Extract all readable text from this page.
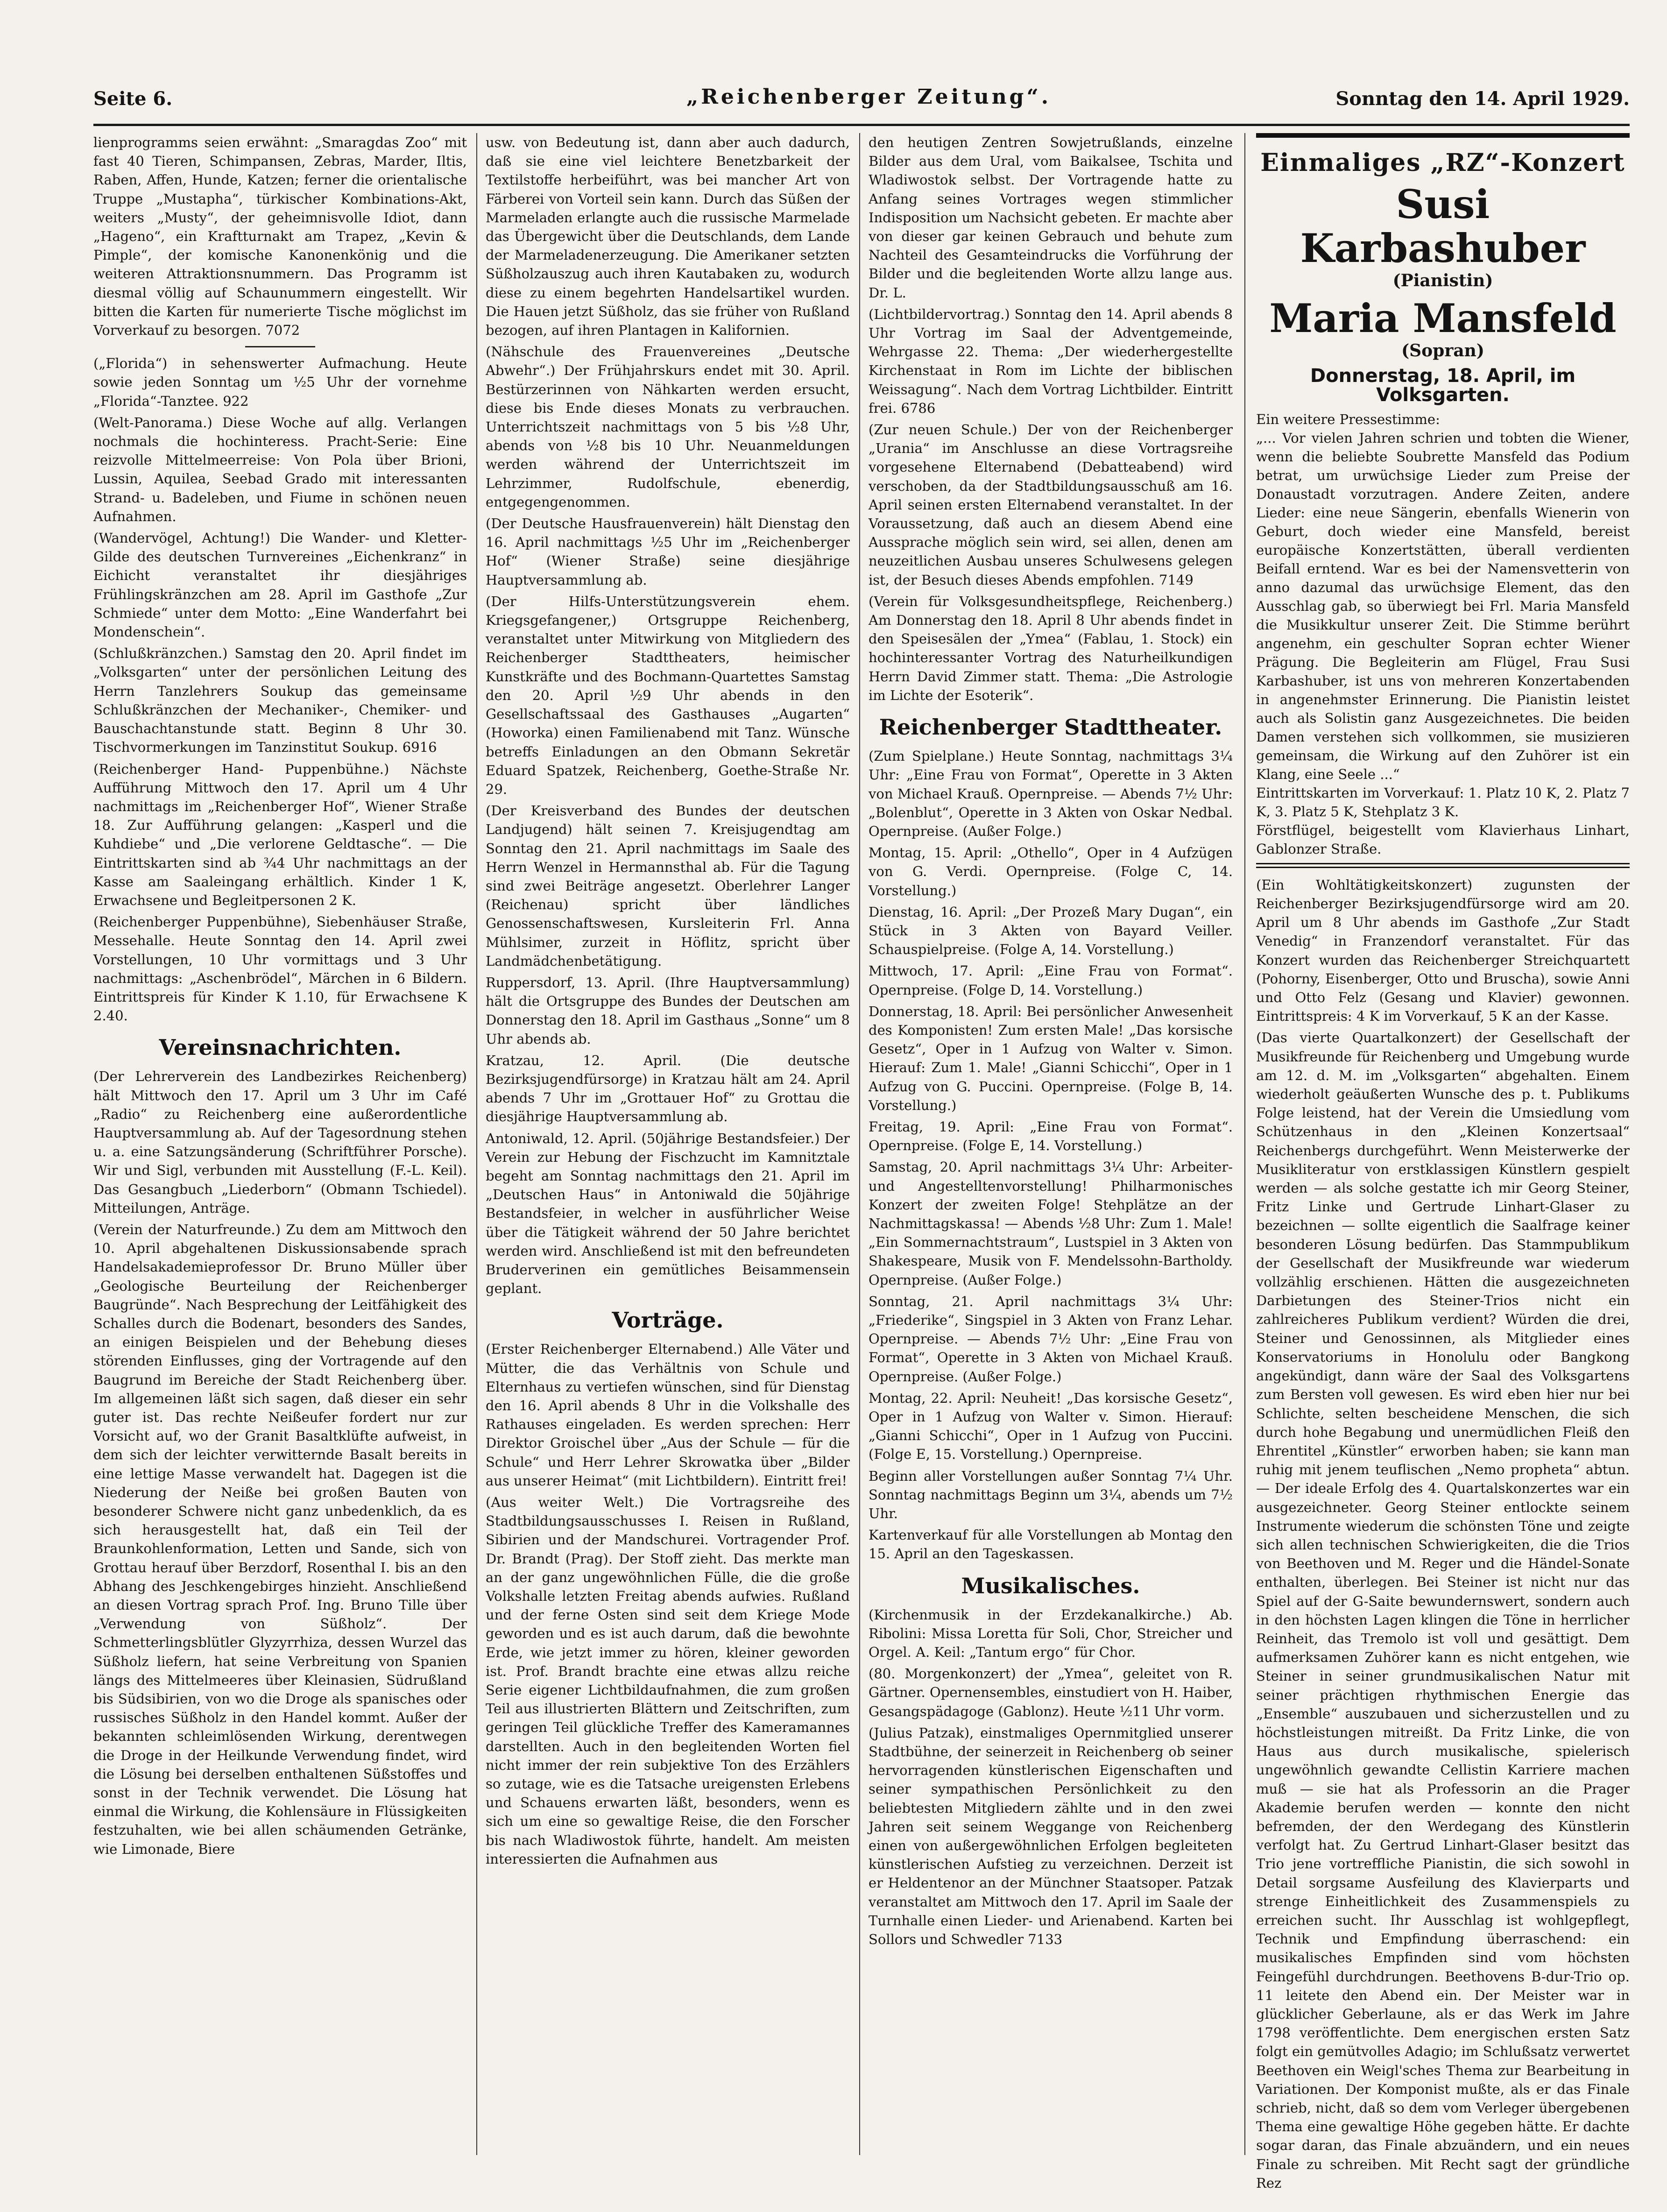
Seite 6.	„Reichenberger Zeitung“.	Sonntag den 14. April 1929.

lienprogramms seien erwähnt: „Smaragdas Zoo“ mit fast 40 Tieren, Schimpansen, Zebras, Marder, Iltis, Raben, Affen, Hunde, Katzen; ferner die orientalische Truppe „Mustapha“, türkischer Kombinations-Akt, weiters „Musty“, der geheimnisvolle Idiot, dann „Hageno“, ein Kraftturnakt am Trapez, „Kevin & Pimple“, der komische Kanonenkönig und die weiteren Attraktionsnummern. Das Programm ist diesmal völlig auf Schaunummern eingestellt. Wir bitten die Karten für numerierte Tische möglichst im Vorverkauf zu besorgen. 7072

(„Florida“) in sehenswerter Aufmachung. Heute sowie jeden Sonntag um ½5 Uhr der vornehme „Florida“-Tanztee. 922

(Welt-Panorama.) Diese Woche auf allg. Verlangen nochmals die hochinteress. Pracht-Serie: Eine reizvolle Mittelmeerreise: Von Pola über Brioni, Lussin, Aquilea, Seebad Grado mit interessanten Strand- u. Badeleben, und Fiume in schönen neuen Aufnahmen.

(Wandervögel, Achtung!) Die Wander- und Kletter-Gilde des deutschen Turnvereines „Eichenkranz“ in Eichicht veranstaltet ihr diesjähriges Frühlingskränzchen am 28. April im Gasthofe „Zur Schmiede“ unter dem Motto: „Eine Wanderfahrt bei Mondenschein“.

(Schlußkränzchen.) Samstag den 20. April findet im „Volksgarten“ unter der persönlichen Leitung des Herrn Tanzlehrers Soukup das gemeinsame Schlußkränzchen der Mechaniker-, Chemiker- und Bauschachtanstunde statt. Beginn 8 Uhr 30. Tischvormerkungen im Tanzinstitut Soukup. 6916

(Reichenberger Hand- Puppenbühne.) Nächste Aufführung Mittwoch den 17. April um 4 Uhr nachmittags im „Reichenberger Hof“, Wiener Straße 18. Zur Aufführung gelangen: „Kasperl und die Kuhdiebe“ und „Die verlorene Geldtasche“. — Die Eintrittskarten sind ab ¾4 Uhr nachmittags an der Kasse am Saaleingang erhältlich. Kinder 1 K, Erwachsene und Begleitpersonen 2 K.

(Reichenberger Puppenbühne), Siebenhäuser Straße, Messehalle. Heute Sonntag den 14. April zwei Vorstellungen, 10 Uhr vormittags und 3 Uhr nachmittags: „Aschenbrödel“, Märchen in 6 Bildern. Eintrittspreis für Kinder K 1.10, für Erwachsene K 2.40.

Vereinsnachrichten.

(Der Lehrerverein des Landbezirkes Reichenberg) hält Mittwoch den 17. April um 3 Uhr im Café „Radio“ zu Reichenberg eine außerordentliche Hauptversammlung ab. Auf der Tagesordnung stehen u. a. eine Satzungsänderung (Schriftführer Porsche). Wir und Sigl, verbunden mit Ausstellung (F.-L. Keil). Das Gesangbuch „Liederborn“ (Obmann Tschiedel). Mitteilungen, Anträge.

(Verein der Naturfreunde.) Zu dem am Mittwoch den 10. April abgehaltenen Diskussionsabende sprach Handelsakademieprofessor Dr. Bruno Müller über „Geologische Beurteilung der Reichenberger Baugründe“. Nach Besprechung der Leitfähigkeit des Schalles durch die Bodenart, besonders des Sandes, an einigen Beispielen und der Behebung dieses störenden Einflusses, ging der Vortragende auf den Baugrund im Bereiche der Stadt Reichenberg über. Im allgemeinen läßt sich sagen, daß dieser ein sehr guter ist. Das rechte Neißeufer fordert nur zur Vorsicht auf, wo der Granit Basaltklüfte aufweist, in dem sich der leichter verwitternde Basalt bereits in eine lettige Masse verwandelt hat. Dagegen ist die Niederung der Neiße bei großen Bauten von besonderer Schwere nicht ganz unbedenklich, da es sich herausgestellt hat, daß ein Teil der Braunkohlenformation, Letten und Sande, sich von Grottau herauf über Berzdorf, Rosenthal I. bis an den Abhang des Jeschkengebirges hinzieht. Anschließend an diesen Vortrag sprach Prof. Ing. Bruno Tille über „Verwendung von Süßholz“. Der Schmetterlingsblütler Glyzyrrhiza, dessen Wurzel das Süßholz liefern, hat seine Verbreitung von Spanien längs des Mittelmeeres über Kleinasien, Südrußland bis Südsibirien, von wo die Droge als spanisches oder russisches Süßholz in den Handel kommt. Außer der bekannten schleimlösenden Wirkung, derentwegen die Droge in der Heilkunde Verwendung findet, wird die Lösung bei derselben enthaltenen Süßstoffes und sonst in der Technik verwendet. Die Lösung hat einmal die Wirkung, die Kohlensäure in Flüssigkeiten festzuhalten, wie bei allen schäumenden Getränke, wie Limonade, Biere

usw. von Bedeutung ist, dann aber auch dadurch, daß sie eine viel leichtere Benetzbarkeit der Textilstoffe herbeiführt, was bei mancher Art von Färberei von Vorteil sein kann. Durch das Süßen der Marmeladen erlangte auch die russische Marmelade das Übergewicht über die Deutschlands, dem Lande der Marmeladenerzeugung. Die Amerikaner setzten Süßholzauszug auch ihren Kautabaken zu, wodurch diese zu einem begehrten Handelsartikel wurden. Die Hauen jetzt Süßholz, das sie früher von Rußland bezogen, auf ihren Plantagen in Kalifornien.

(Nähschule des Frauenvereines „Deutsche Abwehr“.) Der Frühjahrskurs endet mit 30. April. Bestürzerinnen von Nähkarten werden ersucht, diese bis Ende dieses Monats zu verbrauchen. Unterrichtszeit nachmittags von 5 bis ½8 Uhr, abends von ½8 bis 10 Uhr. Neuanmeldungen werden während der Unterrichtszeit im Lehrzimmer, Rudolfschule, ebenerdig, entgegengenommen.

(Der Deutsche Hausfrauenverein) hält Dienstag den 16. April nachmittags ½5 Uhr im „Reichenberger Hof“ (Wiener Straße) seine diesjährige Hauptversammlung ab.

(Der Hilfs-Unterstützungsverein ehem. Kriegsgefangener,) Ortsgruppe Reichenberg, veranstaltet unter Mitwirkung von Mitgliedern des Reichenberger Stadttheaters, heimischer Kunstkräfte und des Bochmann-Quartettes Samstag den 20. April ½9 Uhr abends in den Gesellschaftssaal des Gasthauses „Augarten“ (Howorka) einen Familienabend mit Tanz. Wünsche betreffs Einladungen an den Obmann Sekretär Eduard Spatzek, Reichenberg, Goethe-Straße Nr. 29.

(Der Kreisverband des Bundes der deutschen Landjugend) hält seinen 7. Kreisjugendtag am Sonntag den 21. April nachmittags im Saale des Herrn Wenzel in Hermannsthal ab. Für die Tagung sind zwei Beiträge angesetzt. Oberlehrer Langer (Reichenau) spricht über ländliches Genossenschaftswesen, Kursleiterin Frl. Anna Mühlsimer, zurzeit in Höflitz, spricht über Landmädchenbetätigung.

Ruppersdorf, 13. April. (Ihre Hauptversammlung) hält die Ortsgruppe des Bundes der Deutschen am Donnerstag den 18. April im Gasthaus „Sonne“ um 8 Uhr abends ab.

Kratzau, 12. April. (Die deutsche Bezirksjugendfürsorge) in Kratzau hält am 24. April abends 7 Uhr im „Grottauer Hof“ zu Grottau die diesjährige Hauptversammlung ab.

Antoniwald, 12. April. (50jährige Bestandsfeier.) Der Verein zur Hebung der Fischzucht im Kamnitztale begeht am Sonntag nachmittags den 21. April im „Deutschen Haus“ in Antoniwald die 50jährige Bestandsfeier, in welcher in ausführlicher Weise über die Tätigkeit während der 50 Jahre berichtet werden wird. Anschließend ist mit den befreundeten Bruderverinen ein gemütliches Beisammensein geplant.

Vorträge.

(Erster Reichenberger Elternabend.) Alle Väter und Mütter, die das Verhältnis von Schule und Elternhaus zu vertiefen wünschen, sind für Dienstag den 16. April abends 8 Uhr in die Volkshalle des Rathauses eingeladen. Es werden sprechen: Herr Direktor Groischel über „Aus der Schule — für die Schule“ und Herr Lehrer Skrowatka über „Bilder aus unserer Heimat“ (mit Lichtbildern). Eintritt frei!

(Aus weiter Welt.) Die Vortragsreihe des Stadtbildungsausschusses I. Reisen in Rußland, Sibirien und der Mandschurei. Vortragender Prof. Dr. Brandt (Prag). Der Stoff zieht. Das merkte man an der ganz ungewöhnlichen Fülle, die die große Volkshalle letzten Freitag abends aufwies. Rußland und der ferne Osten sind seit dem Kriege Mode geworden und es ist auch darum, daß die bewohnte Erde, wie jetzt immer zu hören, kleiner geworden ist. Prof. Brandt brachte eine etwas allzu reiche Serie eigener Lichtbildaufnahmen, die zum großen Teil aus illustrierten Blättern und Zeitschriften, zum geringen Teil glückliche Treffer des Kameramannes darstellten. Auch in den begleitenden Worten fiel nicht immer der rein subjektive Ton des Erzählers so zutage, wie es die Tatsache ureigensten Erlebens und Schauens erwarten läßt, besonders, wenn es sich um eine so gewaltige Reise, die den Forscher bis nach Wladiwostok führte, handelt. Am meisten interessierten die Aufnahmen aus

den heutigen Zentren Sowjetrußlands, einzelne Bilder aus dem Ural, vom Baikalsee, Tschita und Wladiwostok selbst. Der Vortragende hatte zu Anfang seines Vortrages wegen stimmlicher Indisposition um Nachsicht gebeten. Er machte aber von dieser gar keinen Gebrauch und behute zum Nachteil des Gesamteindrucks die Vorführung der Bilder und die begleitenden Worte allzu lange aus. Dr. L.

(Lichtbildervortrag.) Sonntag den 14. April abends 8 Uhr Vortrag im Saal der Adventgemeinde, Wehrgasse 22. Thema: „Der wiederhergestellte Kirchenstaat in Rom im Lichte der biblischen Weissagung“. Nach dem Vortrag Lichtbilder. Eintritt frei. 6786

(Zur neuen Schule.) Der von der Reichenberger „Urania“ im Anschlusse an diese Vortragsreihe vorgesehene Elternabend (Debatteabend) wird verschoben, da der Stadtbildungsausschuß am 16. April seinen ersten Elternabend veranstaltet. In der Voraussetzung, daß auch an diesem Abend eine Aussprache möglich sein wird, sei allen, denen am neuzeitlichen Ausbau unseres Schulwesens gelegen ist, der Besuch dieses Abends empfohlen. 7149

(Verein für Volksgesundheitspflege, Reichenberg.) Am Donnerstag den 18. April 8 Uhr abends findet in den Speisesälen der „Ymea“ (Fablau, 1. Stock) ein hochinteressanter Vortrag des Naturheilkundigen Herrn David Zimmer statt. Thema: „Die Astrologie im Lichte der Esoterik“.

Reichenberger Stadttheater.

(Zum Spielplane.) Heute Sonntag, nachmittags 3¼ Uhr: „Eine Frau von Format“, Operette in 3 Akten von Michael Krauß. Opernpreise. — Abends 7½ Uhr: „Bolenblut“, Operette in 3 Akten von Oskar Nedbal. Opernpreise. (Außer Folge.)

Montag, 15. April: „Othello“, Oper in 4 Aufzügen von G. Verdi. Opernpreise. (Folge C, 14. Vorstellung.)

Dienstag, 16. April: „Der Prozeß Mary Dugan“, ein Stück in 3 Akten von Bayard Veiller. Schauspielpreise. (Folge A, 14. Vorstellung.)

Mittwoch, 17. April: „Eine Frau von Format“. Opernpreise. (Folge D, 14. Vorstellung.)

Donnerstag, 18. April: Bei persönlicher Anwesenheit des Komponisten! Zum ersten Male! „Das korsische Gesetz“, Oper in 1 Aufzug von Walter v. Simon. Hierauf: Zum 1. Male! „Gianni Schicchi“, Oper in 1 Aufzug von G. Puccini. Opernpreise. (Folge B, 14. Vorstellung.)

Freitag, 19. April: „Eine Frau von Format“. Opernpreise. (Folge E, 14. Vorstellung.)

Samstag, 20. April nachmittags 3¼ Uhr: Arbeiter- und Angestelltenvorstellung! Philharmonisches Konzert der zweiten Folge! Stehplätze an der Nachmittagskassa! — Abends ½8 Uhr: Zum 1. Male! „Ein Sommernachtstraum“, Lustspiel in 3 Akten von Shakespeare, Musik von F. Mendelssohn-Bartholdy. Opernpreise. (Außer Folge.)

Sonntag, 21. April nachmittags 3¼ Uhr: „Friederike“, Singspiel in 3 Akten von Franz Lehar. Opernpreise. — Abends 7½ Uhr: „Eine Frau von Format“, Operette in 3 Akten von Michael Krauß. Opernpreise. (Außer Folge.)

Montag, 22. April: Neuheit! „Das korsische Gesetz“, Oper in 1 Aufzug von Walter v. Simon. Hierauf: „Gianni Schicchi“, Oper in 1 Aufzug von Puccini. (Folge E, 15. Vorstellung.) Opernpreise.

Beginn aller Vorstellungen außer Sonntag 7¼ Uhr. Sonntag nachmittags Beginn um 3¼, abends um 7½ Uhr.

Kartenverkauf für alle Vorstellungen ab Montag den 15. April an den Tageskassen.

Musikalisches.

(Kirchenmusik in der Erzdekanalkirche.) Ab. Ribolini: Missa Loretta für Soli, Chor, Streicher und Orgel. A. Keil: „Tantum ergo“ für Chor.

(80. Morgenkonzert) der „Ymea“, geleitet von R. Gärtner. Opernensembles, einstudiert von H. Haiber, Gesangspädagoge (Gablonz). Heute ½11 Uhr vorm.

(Julius Patzak), einstmaliges Opernmitglied unserer Stadtbühne, der seinerzeit in Reichenberg ob seiner hervorragenden künstlerischen Eigenschaften und seiner sympathischen Persönlichkeit zu den beliebtesten Mitgliedern zählte und in den zwei Jahren seit seinem Weggange von Reichenberg einen von außergewöhnlichen Erfolgen begleiteten künstlerischen Aufstieg zu verzeichnen. Derzeit ist er Heldentenor an der Münchner Staatsoper. Patzak veranstaltet am Mittwoch den 17. April im Saale der Turnhalle einen Lieder- und Arienabend. Karten bei Sollors und Schwedler 7133

Einmaliges „RZ“-Konzert
Susi Karbashuber
(Pianistin)
Maria Mansfeld
(Sopran)
Donnerstag, 18. April, im Volksgarten.
Ein weitere Pressestimme:
„... Vor vielen Jahren schrien und tobten die Wiener, wenn die beliebte Soubrette Mansfeld das Podium betrat, um urwüchsige Lieder zum Preise der Donaustadt vorzutragen. Andere Zeiten, andere Lieder: eine neue Sängerin, ebenfalls Wienerin von Geburt, doch wieder eine Mansfeld, bereist europäische Konzertstätten, überall verdienten Beifall erntend. War es bei der Namensvetterin von anno dazumal das urwüchsige Element, das den Ausschlag gab, so überwiegt bei Frl. Maria Mansfeld die Musikkultur unserer Zeit. Die Stimme berührt angenehm, ein geschulter Sopran echter Wiener Prägung. Die Begleiterin am Flügel, Frau Susi Karbashuber, ist uns von mehreren Konzertabenden in angenehmster Erinnerung. Die Pianistin leistet auch als Solistin ganz Ausgezeichnetes. Die beiden Damen verstehen sich vollkommen, sie musizieren gemeinsam, die Wirkung auf den Zuhörer ist ein Klang, eine Seele ...“
Eintrittskarten im Vorverkauf: 1. Platz 10 K, 2. Platz 7 K, 3. Platz 5 K, Stehplatz 3 K.
Förstflügel, beigestellt vom Klavierhaus Linhart, Gablonzer Straße.

(Ein Wohltätigkeitskonzert) zugunsten der Reichenberger Bezirksjugendfürsorge wird am 20. April um 8 Uhr abends im Gasthofe „Zur Stadt Venedig“ in Franzendorf veranstaltet. Für das Konzert wurden das Reichenberger Streichquartett (Pohorny, Eisenberger, Otto und Bruscha), sowie Anni und Otto Felz (Gesang und Klavier) gewonnen. Eintrittspreis: 4 K im Vorverkauf, 5 K an der Kasse.

(Das vierte Quartalkonzert) der Gesellschaft der Musikfreunde für Reichenberg und Umgebung wurde am 12. d. M. im „Volksgarten“ abgehalten. Einem wiederholt geäußerten Wunsche des p. t. Publikums Folge leistend, hat der Verein die Umsiedlung vom Schützenhaus in den „Kleinen Konzertsaal“ Reichenbergs durchgeführt. Wenn Meisterwerke der Musikliteratur von erstklassigen Künstlern gespielt werden — als solche gestatte ich mir Georg Steiner, Fritz Linke und Gertrude Linhart-Glaser zu bezeichnen — sollte eigentlich die Saalfrage keiner besonderen Lösung bedürfen. Das Stammpublikum der Gesellschaft der Musikfreunde war wiederum vollzählig erschienen. Hätten die ausgezeichneten Darbietungen des Steiner-Trios nicht ein zahlreicheres Publikum verdient? Würden die drei, Steiner und Genossinnen, als Mitglieder eines Konservatoriums in Honolulu oder Bangkong angekündigt, dann wäre der Saal des Volksgartens zum Bersten voll gewesen. Es wird eben hier nur bei Schlichte, selten bescheidene Menschen, die sich durch hohe Begabung und unermüdlichen Fleiß den Ehrentitel „Künstler“ erworben haben; sie kann man ruhig mit jenem teuflischen „Nemo propheta“ abtun. — Der ideale Erfolg des 4. Quartalskonzertes war ein ausgezeichneter. Georg Steiner entlockte seinem Instrumente wiederum die schönsten Töne und zeigte sich allen technischen Schwierigkeiten, die die Trios von Beethoven und M. Reger und die Händel-Sonate enthalten, überlegen. Bei Steiner ist nicht nur das Spiel auf der G-Saite bewundernswert, sondern auch in den höchsten Lagen klingen die Töne in herrlicher Reinheit, das Tremolo ist voll und gesättigt. Dem aufmerksamen Zuhörer kann es nicht entgehen, wie Steiner in seiner grundmusikalischen Natur mit seiner prächtigen rhythmischen Energie das „Ensemble“ auszubauen und sicherzustellen und zu höchstleistungen mitreißt. Da Fritz Linke, die von Haus aus durch musikalische, spielerisch ungewöhnlich gewandte Cellistin Karriere machen muß — sie hat als Professorin an die Prager Akademie berufen werden — konnte den nicht befremden, der den Werdegang des Künstlerin verfolgt hat. Zu Gertrud Linhart-Glaser besitzt das Trio jene vortreffliche Pianistin, die sich sowohl in Detail sorgsame Ausfeilung des Klavierparts und strenge Einheitlichkeit des Zusammenspiels zu erreichen sucht. Ihr Ausschlag ist wohlgepflegt, Technik und Empfindung überraschend: ein musikalisches Empfinden sind vom höchsten Feingefühl durchdrungen. Beethovens B-dur-Trio op. 11 leitete den Abend ein. Der Meister war in glücklicher Geberlaune, als er das Werk im Jahre 1798 veröffentlichte. Dem energischen ersten Satz folgt ein gemütvolles Adagio; im Schlußsatz verwertet Beethoven ein Weigl'sches Thema zur Bearbeitung in Variationen. Der Komponist mußte, als er das Finale schrieb, nicht, daß so dem vom Verleger übergebenen Thema eine gewaltige Höhe gegeben hätte. Er dachte sogar daran, das Finale abzuändern, und ein neues Finale zu schreiben. Mit Recht sagt der gründliche Rez
